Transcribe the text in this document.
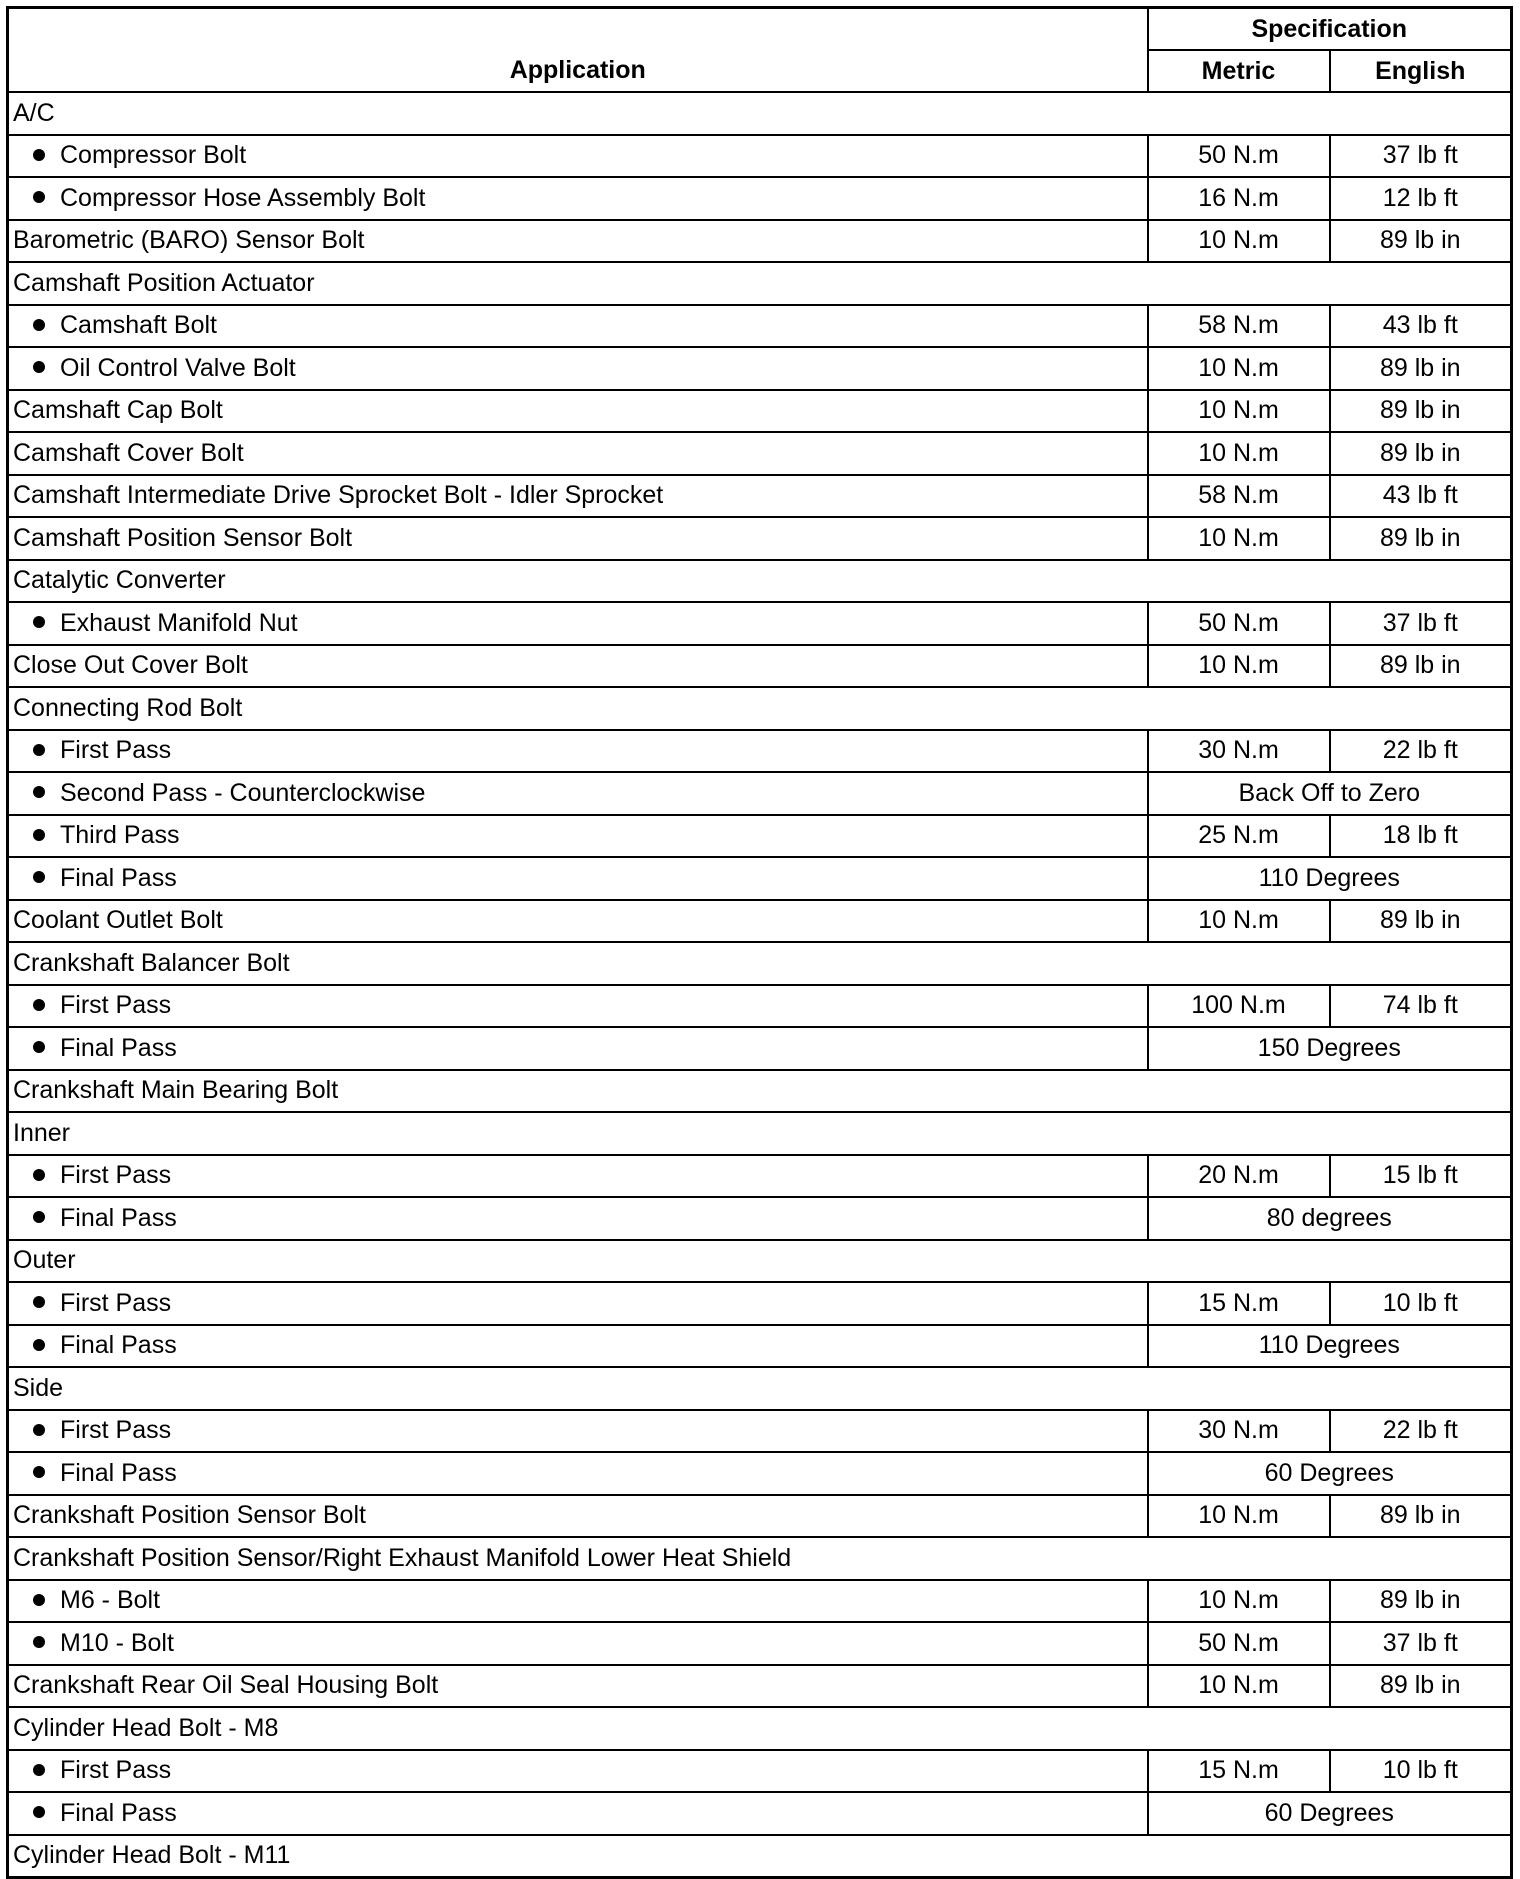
Application	Specification	
	Metric	English
A/C		
Compressor Bolt	50 N.m	37 lb ft
Compressor Hose Assembly Bolt	16 N.m	12 lb ft
Barometric (BARO) Sensor Bolt	10 N.m	89 lb in
Camshaft Position Actuator		
Camshaft Bolt	58 N.m	43 lb ft
Oil Control Valve Bolt	10 N.m	89 lb in
Camshaft Cap Bolt	10 N.m	89 lb in
Camshaft Cover Bolt	10 N.m	89 lb in
Camshaft Intermediate Drive Sprocket Bolt - Idler Sprocket	58 N.m	43 lb ft
Camshaft Position Sensor Bolt	10 N.m	89 lb in
Catalytic Converter		
Exhaust Manifold Nut	50 N.m	37 lb ft
Close Out Cover Bolt	10 N.m	89 lb in
Connecting Rod Bolt		
First Pass	30 N.m	22 lb ft
Second Pass - Counterclockwise	Back Off to Zero	
Third Pass	25 N.m	18 lb ft
Final Pass	110 Degrees	
Coolant Outlet Bolt	10 N.m	89 lb in
Crankshaft Balancer Bolt		
First Pass	100 N.m	74 lb ft
Final Pass	150 Degrees	
Crankshaft Main Bearing Bolt		
Inner		
First Pass	20 N.m	15 lb ft
Final Pass	80 degrees	
Outer		
First Pass	15 N.m	10 lb ft
Final Pass	110 Degrees	
Side		
First Pass	30 N.m	22 lb ft
Final Pass	60 Degrees	
Crankshaft Position Sensor Bolt	10 N.m	89 lb in
Crankshaft Position Sensor/Right Exhaust Manifold Lower Heat Shield		
M6 - Bolt	10 N.m	89 lb in
M10 - Bolt	50 N.m	37 lb ft
Crankshaft Rear Oil Seal Housing Bolt	10 N.m	89 lb in
Cylinder Head Bolt - M8		
First Pass	15 N.m	10 lb ft
Final Pass	60 Degrees	
Cylinder Head Bolt - M11		
